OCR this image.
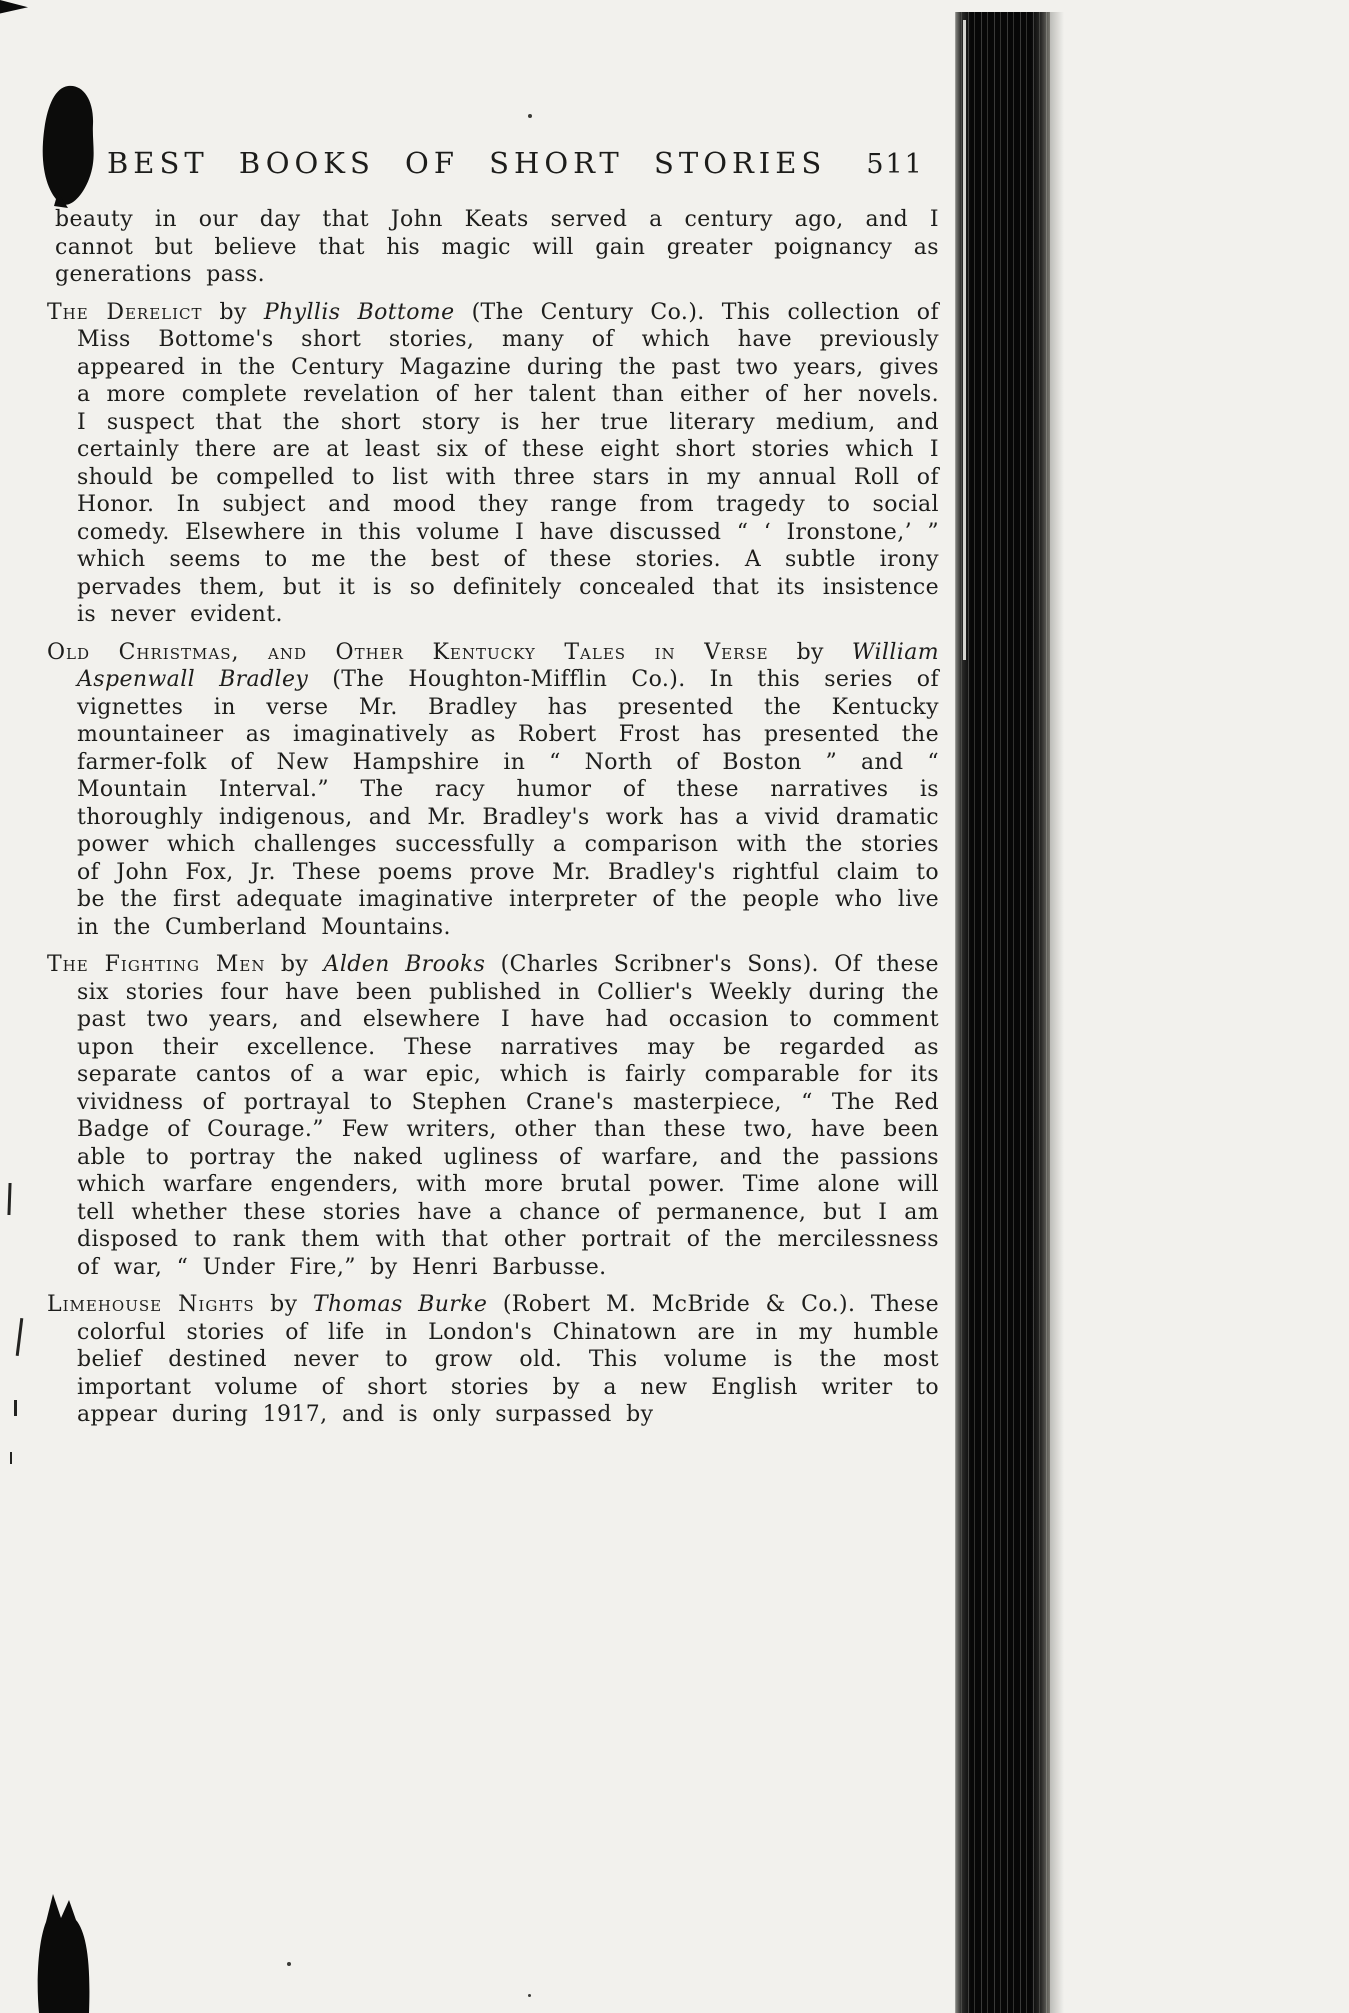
BEST BOOKS OF SHORT STORIES 511

beauty in our day that John Keats served a century ago, and I cannot but believe that his magic will gain greater poignancy as generations pass.

The Derelict by Phyllis Bottome (The Century Co.). This collection of Miss Bottome's short stories, many of which have previously appeared in the Century Magazine during the past two years, gives a more complete revelation of her talent than either of her novels. I suspect that the short story is her true literary medium, and certainly there are at least six of these eight short stories which I should be compelled to list with three stars in my annual Roll of Honor. In subject and mood they range from tragedy to social comedy. Elsewhere in this volume I have discussed “ ‘ Ironstone,’ ” which seems to me the best of these stories. A subtle irony pervades them, but it is so definitely concealed that its insistence is never evident.

Old Christmas, and Other Kentucky Tales in Verse by William Aspenwall Bradley (The Houghton-Mifflin Co.). In this series of vignettes in verse Mr. Bradley has presented the Kentucky mountaineer as imaginatively as Robert Frost has presented the farmer-folk of New Hampshire in “ North of Boston ” and “ Mountain Interval.” The racy humor of these narratives is thoroughly indigenous, and Mr. Bradley's work has a vivid dramatic power which challenges successfully a comparison with the stories of John Fox, Jr. These poems prove Mr. Bradley's rightful claim to be the first adequate imaginative interpreter of the people who live in the Cumberland Mountains.

The Fighting Men by Alden Brooks (Charles Scribner's Sons). Of these six stories four have been published in Collier's Weekly during the past two years, and elsewhere I have had occasion to comment upon their excellence. These narratives may be regarded as separate cantos of a war epic, which is fairly comparable for its vividness of portrayal to Stephen Crane's masterpiece, “ The Red Badge of Courage.” Few writers, other than these two, have been able to portray the naked ugliness of warfare, and the passions which warfare engenders, with more brutal power. Time alone will tell whether these stories have a chance of permanence, but I am disposed to rank them with that other portrait of the mercilessness of war, “ Under Fire,” by Henri Barbusse.

Limehouse Nights by Thomas Burke (Robert M. McBride & Co.). These colorful stories of life in London's Chinatown are in my humble belief destined never to grow old. This volume is the most important volume of short stories by a new English writer to appear during 1917, and is only surpassed by
